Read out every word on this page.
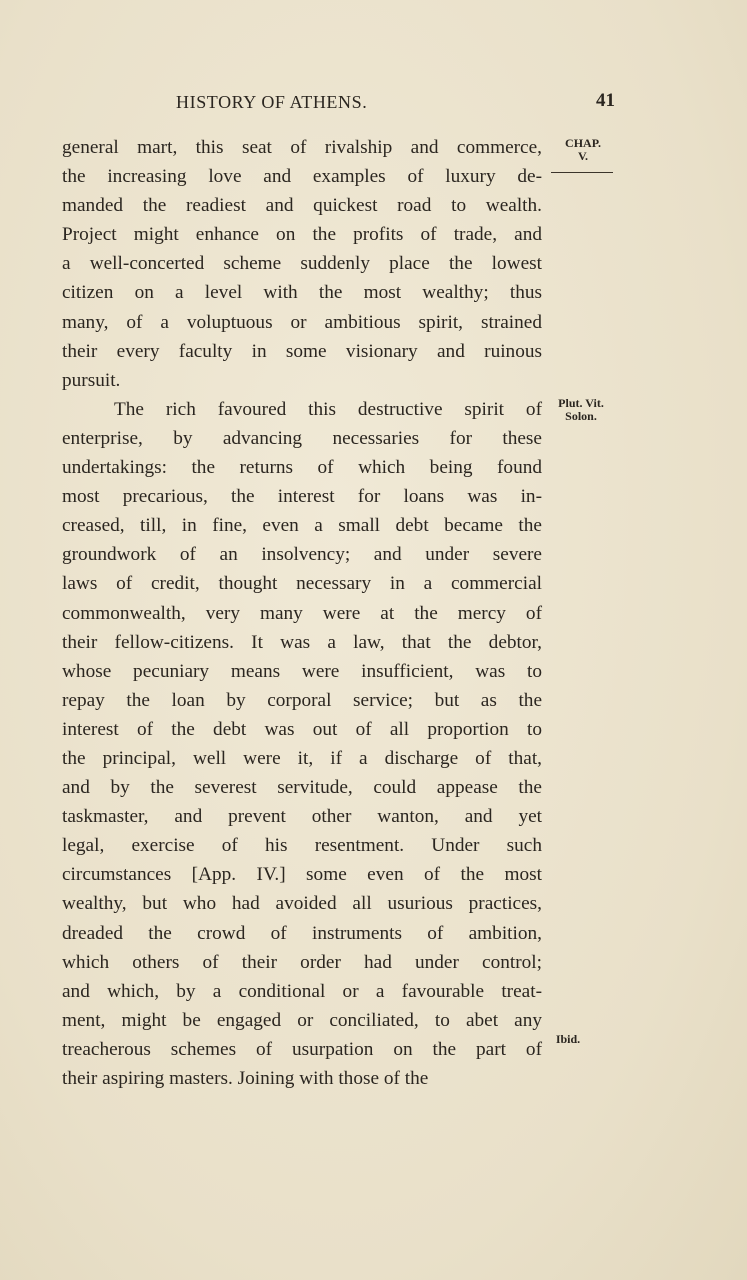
HISTORY OF ATHENS.	41
CHAP.
V.
Plut. Vit.
Solon.
Ibid.
general mart, this seat of rivalship and commerce,
the increasing love and examples of luxury de-
manded the readiest and quickest road to wealth.
Project might enhance on the profits of trade, and
a well-concerted scheme suddenly place the lowest
citizen on a level with the most wealthy; thus
many, of a voluptuous or ambitious spirit, strained
their every faculty in some visionary and ruinous
pursuit.
The rich favoured this destructive spirit of
enterprise, by advancing necessaries for these
undertakings: the returns of which being found
most precarious, the interest for loans was in-
creased, till, in fine, even a small debt became the
groundwork of an insolvency; and under severe
laws of credit, thought necessary in a commercial
commonwealth, very many were at the mercy of
their fellow-citizens. It was a law, that the debtor,
whose pecuniary means were insufficient, was to
repay the loan by corporal service; but as the
interest of the debt was out of all proportion to
the principal, well were it, if a discharge of that,
and by the severest servitude, could appease the
taskmaster, and prevent other wanton, and yet
legal, exercise of his resentment. Under such
circumstances [App. IV.] some even of the most
wealthy, but who had avoided all usurious practices,
dreaded the crowd of instruments of ambition,
which others of their order had under control;
and which, by a conditional or a favourable treat-
ment, might be engaged or conciliated, to abet any
treacherous schemes of usurpation on the part of
their aspiring masters. Joining with those of the
